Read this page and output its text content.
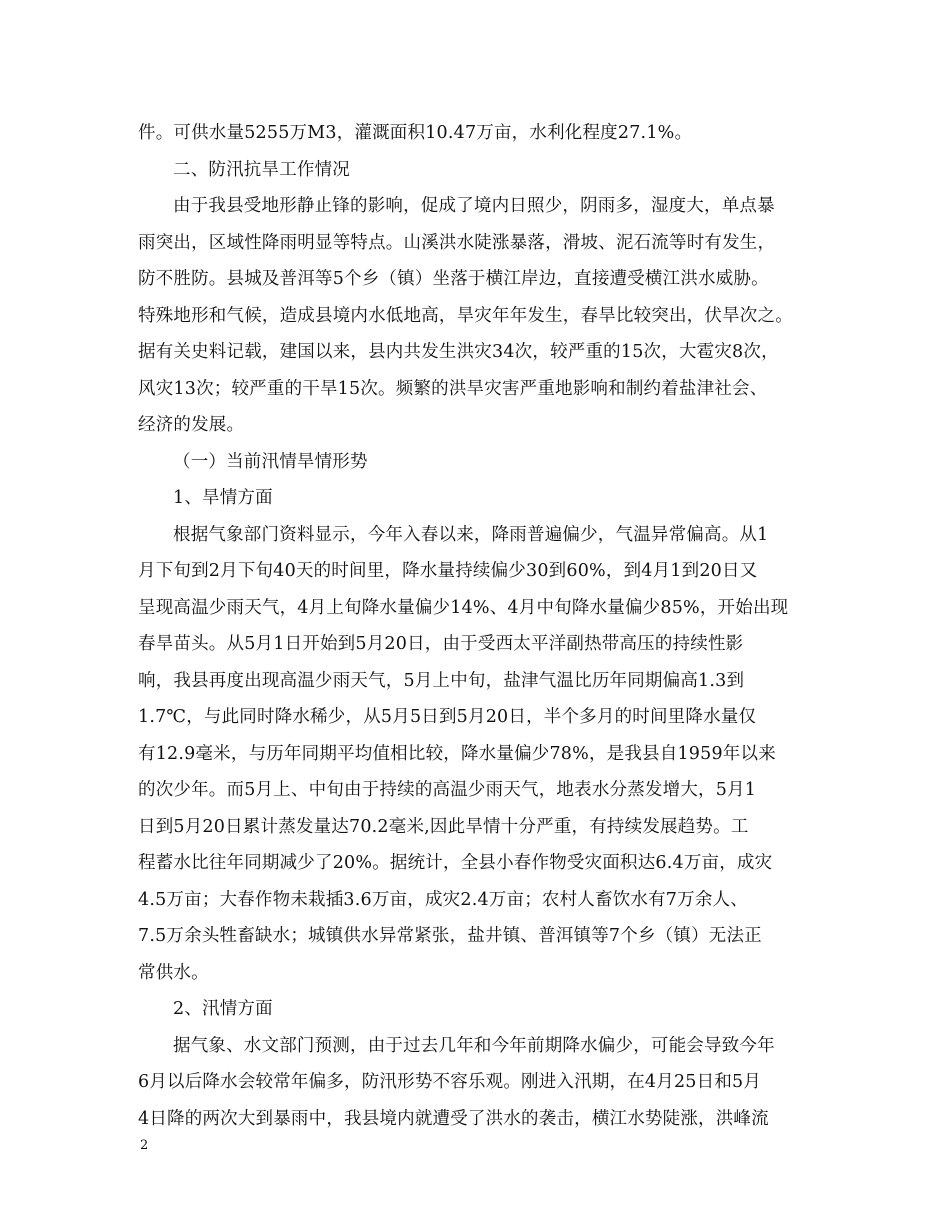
件。可供水量5255万M3，灌溉面积10.47万亩，水利化程度27.1%。
二、防汛抗旱工作情况
由于我县受地形静止锋的影响，促成了境内日照少，阴雨多，湿度大，单点暴
雨突出，区域性降雨明显等特点。山溪洪水陡涨暴落，滑坡、泥石流等时有发生，
防不胜防。县城及普洱等5个乡（镇）坐落于横江岸边，直接遭受横江洪水威胁。
特殊地形和气候，造成县境内水低地高，旱灾年年发生，春旱比较突出，伏旱次之。
据有关史料记载，建国以来，县内共发生洪灾34次，较严重的15次，大雹灾8次，
风灾13次；较严重的干旱15次。频繁的洪旱灾害严重地影响和制约着盐津社会、
经济的发展。
（一）当前汛情旱情形势
1、旱情方面
根据气象部门资料显示，今年入春以来，降雨普遍偏少，气温异常偏高。从1
月下旬到2月下旬40天的时间里，降水量持续偏少30到60%，到4月1到20日又
呈现高温少雨天气，4月上旬降水量偏少14%、4月中旬降水量偏少85%，开始出现
春旱苗头。从5月1日开始到5月20日，由于受西太平洋副热带高压的持续性影
响，我县再度出现高温少雨天气，5月上中旬，盐津气温比历年同期偏高1.3到
1.7℃，与此同时降水稀少，从5月5日到5月20日，半个多月的时间里降水量仅
有12.9毫米，与历年同期平均值相比较，降水量偏少78%，是我县自1959年以来
的次少年。而5月上、中旬由于持续的高温少雨天气，地表水分蒸发增大，5月1
日到5月20日累计蒸发量达70.2毫米,因此旱情十分严重，有持续发展趋势。工
程蓄水比往年同期减少了20%。据统计，全县小春作物受灾面积达6.4万亩，成灾
4.5万亩；大春作物未栽插3.6万亩，成灾2.4万亩；农村人畜饮水有7万余人、
7.5万余头牲畜缺水；城镇供水异常紧张，盐井镇、普洱镇等7个乡（镇）无法正
常供水。
2、汛情方面
据气象、水文部门预测，由于过去几年和今年前期降水偏少，可能会导致今年
6月以后降水会较常年偏多，防汛形势不容乐观。刚进入汛期，在4月25日和5月
4日降的两次大到暴雨中，我县境内就遭受了洪水的袭击，横江水势陡涨，洪峰流
2
